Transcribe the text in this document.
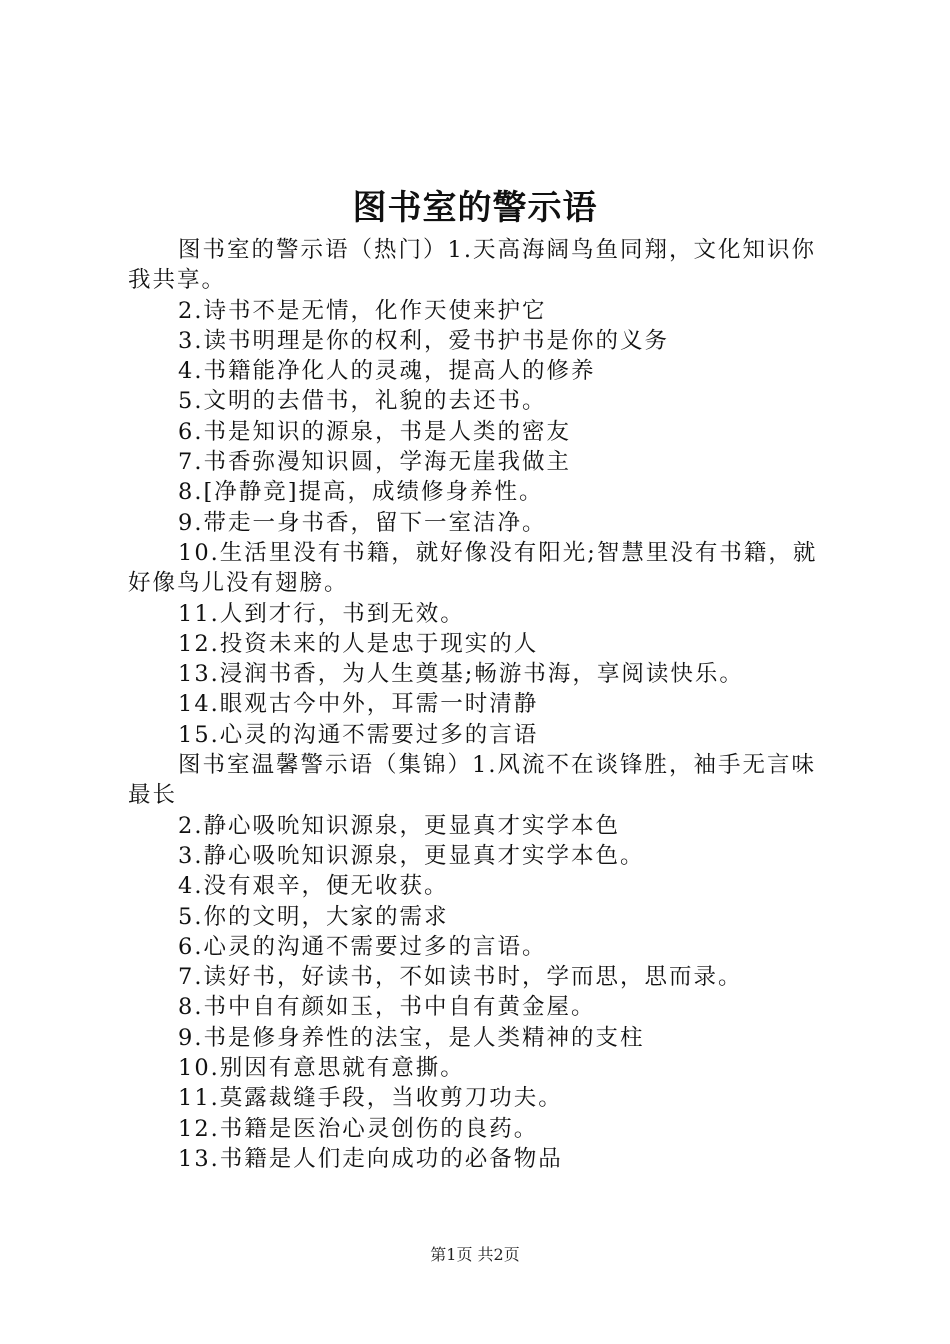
图书室的警示语

图书室的警示语（热门）1.天高海阔鸟鱼同翔，文化知识你我共享。

2.诗书不是无情，化作天使来护它

3.读书明理是你的权利，爱书护书是你的义务

4.书籍能净化人的灵魂，提高人的修养

5.文明的去借书，礼貌的去还书。

6.书是知识的源泉，书是人类的密友

7.书香弥漫知识圆，学海无崖我做主

8.[净静竞]提高，成绩修身养性。

9.带走一身书香，留下一室洁净。

10.生活里没有书籍，就好像没有阳光;智慧里没有书籍，就好像鸟儿没有翅膀。

11.人到才行，书到无效。

12.投资未来的人是忠于现实的人

13.浸润书香，为人生奠基;畅游书海，享阅读快乐。

14.眼观古今中外，耳需一时清静

15.心灵的沟通不需要过多的言语

图书室温馨警示语（集锦）1.风流不在谈锋胜，袖手无言味最长

2.静心吸吮知识源泉，更显真才实学本色

3.静心吸吮知识源泉，更显真才实学本色。

4.没有艰辛，便无收获。

5.你的文明，大家的需求

6.心灵的沟通不需要过多的言语。

7.读好书，好读书，不如读书时，学而思，思而录。

8.书中自有颜如玉，书中自有黄金屋。

9.书是修身养性的法宝，是人类精神的支柱

10.别因有意思就有意撕。

11.莫露裁缝手段，当收剪刀功夫。

12.书籍是医治心灵创伤的良药。

13.书籍是人们走向成功的必备物品

第1页 共2页
